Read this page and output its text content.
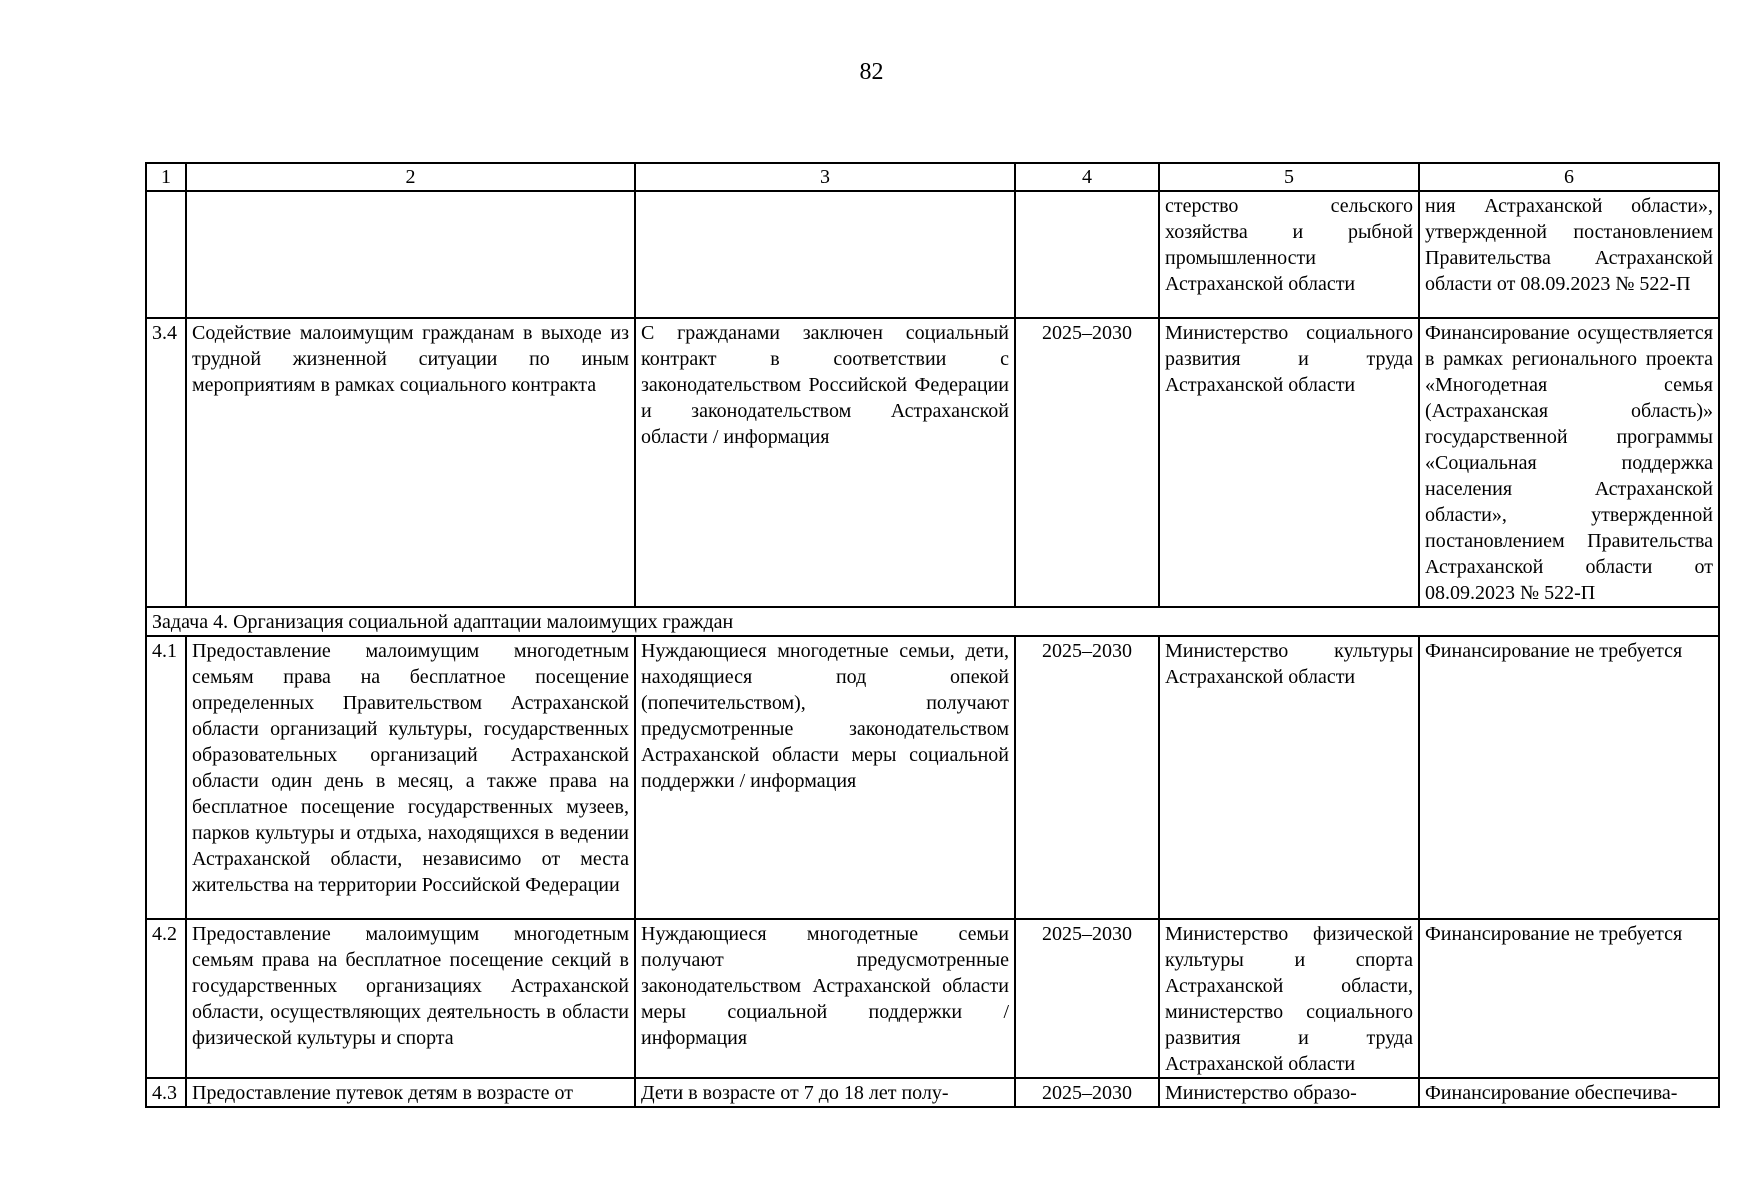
82
1	2	3	4	5	6
				стерство сельского хозяйства и рыбной промышленности Астраханской области	ния Астраханской области», утвержденной постановлением Правительства Астраханской области от 08.09.2023 № 522-П
3.4	Содействие малоимущим гражданам в выходе из трудной жизненной ситуации по иным мероприятиям в рамках социального контракта	С гражданами заключен социальный контракт в соответствии с законодательством Российской Федерации и законодательством Астраханской области / информация	2025–2030	Министерство социального развития и труда Астраханской области	Финансирование осуществляется в рамках регионального проекта «Многодетная семья (Астраханская область)» государственной программы «Социальная поддержка населения Астраханской области», утвержденной постановлением Правительства Астраханской области от 08.09.2023 № 522-П
Задача 4. Организация социальной адаптации малоимущих граждан					
4.1	Предоставление малоимущим многодетным семьям права на бесплатное посещение определенных Правительством Астраханской области организаций культуры, государственных образовательных организаций Астраханской области один день в месяц, а также права на бесплатное посещение государственных музеев, парков культуры и отдыха, находящихся в ведении Астраханской области, независимо от места жительства на территории Российской Федерации	Нуждающиеся многодетные семьи, дети, находящиеся под опекой (попечительством), получают предусмотренные законодательством Астраханской области меры социальной поддержки / информация	2025–2030	Министерство культуры Астраханской области	Финансирование не требуется
4.2	Предоставление малоимущим многодетным семьям права на бесплатное посещение секций в государственных организациях Астраханской области, осуществляющих деятельность в области физической культуры и спорта	Нуждающиеся многодетные семьи получают предусмотренные законодательством Астраханской области меры социальной поддержки / информация	2025–2030	Министерство физической культуры и спорта Астраханской области, министерство социального развития и труда Астраханской области	Финансирование не требуется
4.3	Предоставление путевок детям в возрасте от	Дети в возрасте от 7 до 18 лет полу-	2025–2030	Министерство образо-	Финансирование обеспечива-
